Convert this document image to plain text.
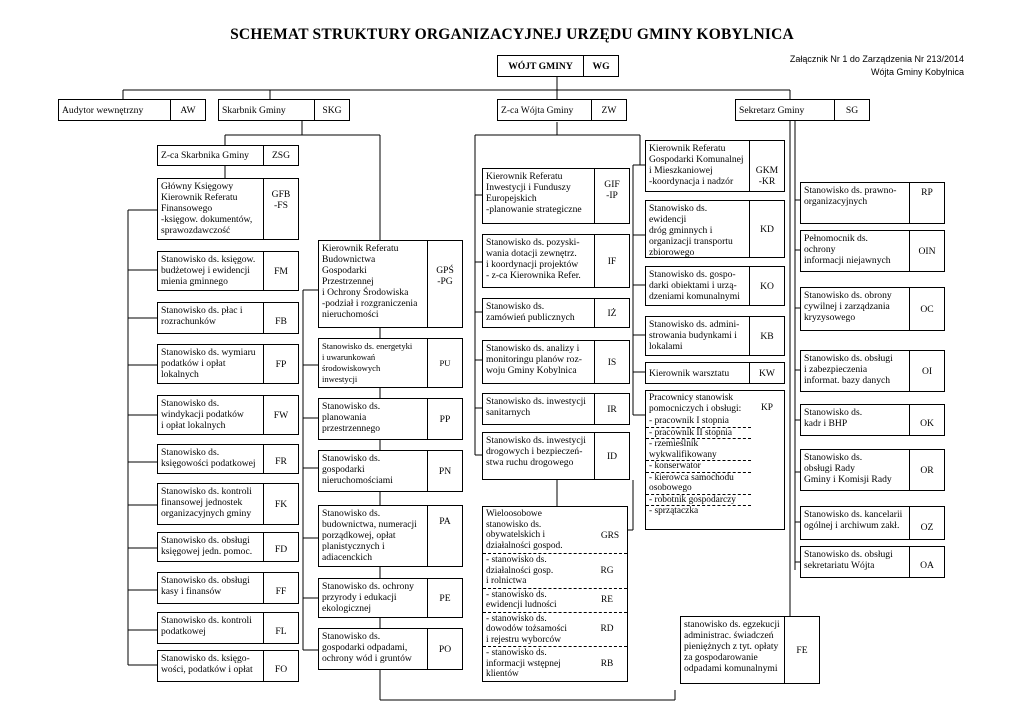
SCHEMAT STRUKTURY ORGANIZACYJNEJ URZĘDU GMINY KOBYLNICA
Załącznik Nr 1 do Zarządzenia Nr 213/2014
Wójta Gminy Kobylnica
WÓJT GMINY	WG
Audytor wewnętrzny	AW	Skarbnik Gminy	SKG	Z-ca Wójta Gminy	ZW	Sekretarz Gminy	SG
Z-ca Skarbnika Gminy	ZSG
Główny Księgowy
Kierownik Referatu
Finansowego
-księgow. dokumentów,
sprawozdawczość
GFB
-FS
Stanowisko ds. księgow.
budżetowej i ewidencji
mienia gminnego
FM
Stanowisko ds. płac i
rozrachunków	FB
Stanowisko ds. wymiaru
podatków i opłat
lokalnych
FP
Stanowisko ds.
windykacji podatków
i opłat lokalnych
FW
Stanowisko ds.
księgowości podatkowej	FR
Stanowisko ds. kontroli
finansowej jednostek
organizacyjnych gminy
FK
Stanowisko ds. obsługi
księgowej jedn. pomoc.	FD
Stanowisko ds. obsługi
kasy i finansów	FF
Stanowisko ds. kontroli
podatkowej	FL
Stanowisko ds. księgo-
wości, podatków i opłat	FO
Kierownik Referatu
Budownictwa
Gospodarki
Przestrzennej
i Ochrony Środowiska
-podział i rozgraniczenia
nieruchomości
GPŚ
-PG
Stanowisko ds. energetyki
i uwarunkowań
środowiskowych
inwestycji
PU
Stanowisko ds.
planowania
przestrzennego
PP
Stanowisko ds.
gospodarki
nieruchomościami
PN
Stanowisko ds.
budownictwa, numeracji
porządkowej, opłat
planistycznych i
adiacenckich
PA
Stanowisko ds. ochrony
przyrody i edukacji
ekologicznej
PE
Stanowisko ds.
gospodarki odpadami,
ochrony wód i gruntów
PO
Kierownik Referatu
Inwestycji i Funduszy
Europejskich
-planowanie strategiczne
GIF
-IP
Stanowisko ds. pozyski-
wania dotacji zewnętrz.
i koordynacji projektów
- z-ca Kierownika Refer.
IF
Stanowisko ds.
zamówień publicznych	IŻ
Stanowisko ds. analizy i
monitoringu planów roz-
woju Gminy Kobylnica
IS
Stanowisko ds. inwestycji
sanitarnych	IR
Stanowisko ds. inwestycji
drogowych i bezpieczeń-
stwa ruchu drogowego
ID
Wieloosobowe
stanowisko ds.
obywatelskich i
działalności gospod.
GRS
- stanowisko ds.
działalności gosp.
i rolnictwa
RG
- stanowisko ds.
ewidencji ludności
RE
- stanowisko ds.
dowodów tożsamości
i rejestru wyborców
RD
- stanowisko ds.
informacji wstępnej
klientów
RB
Kierownik Referatu
Gospodarki Komunalnej
i Mieszkaniowej
-koordynacja i nadzór
GKM
-KR
Stanowisko ds. ewidencji
dróg gminnych i
organizacji transportu
zbiorowego
KD
Stanowisko ds. gospo-
darki obiektami i urzą-
dzeniami komunalnymi
KO
Stanowisko ds. admini-
strowania budynkami i
lokalami
KB
Kierownik warsztatu	KW
Pracownicy stanowisk
pomocniczych i obsługi:	KP
- pracownik I stopnia
- pracownik II stopnia
- rzemieślnik
wykwalifikowany
- konserwator
- kierowca samochodu
osobowego
- robotnik gospodarczy
- sprzątaczka
stanowisko ds. egzekucji
administrac. świadczeń
pieniężnych z tyt. opłaty
za gospodarowanie
odpadami komunalnymi
FE
Stanowisko ds. prawno-
organizacyjnych
RP
Pełnomocnik ds.
ochrony
informacji niejawnych
OIN
Stanowisko ds. obrony
cywilnej i zarządzania
kryzysowego
OC
Stanowisko ds. obsługi
i zabezpieczenia
informat. bazy danych
OI
Stanowisko ds.
kadr i BHP	OK
Stanowisko ds.
obsługi Rady
Gminy i Komisji Rady
OR
Stanowisko ds. kancelarii
ogólnej i archiwum zakł.	OZ
Stanowisko ds. obsługi
sekretariatu Wójta	OA
